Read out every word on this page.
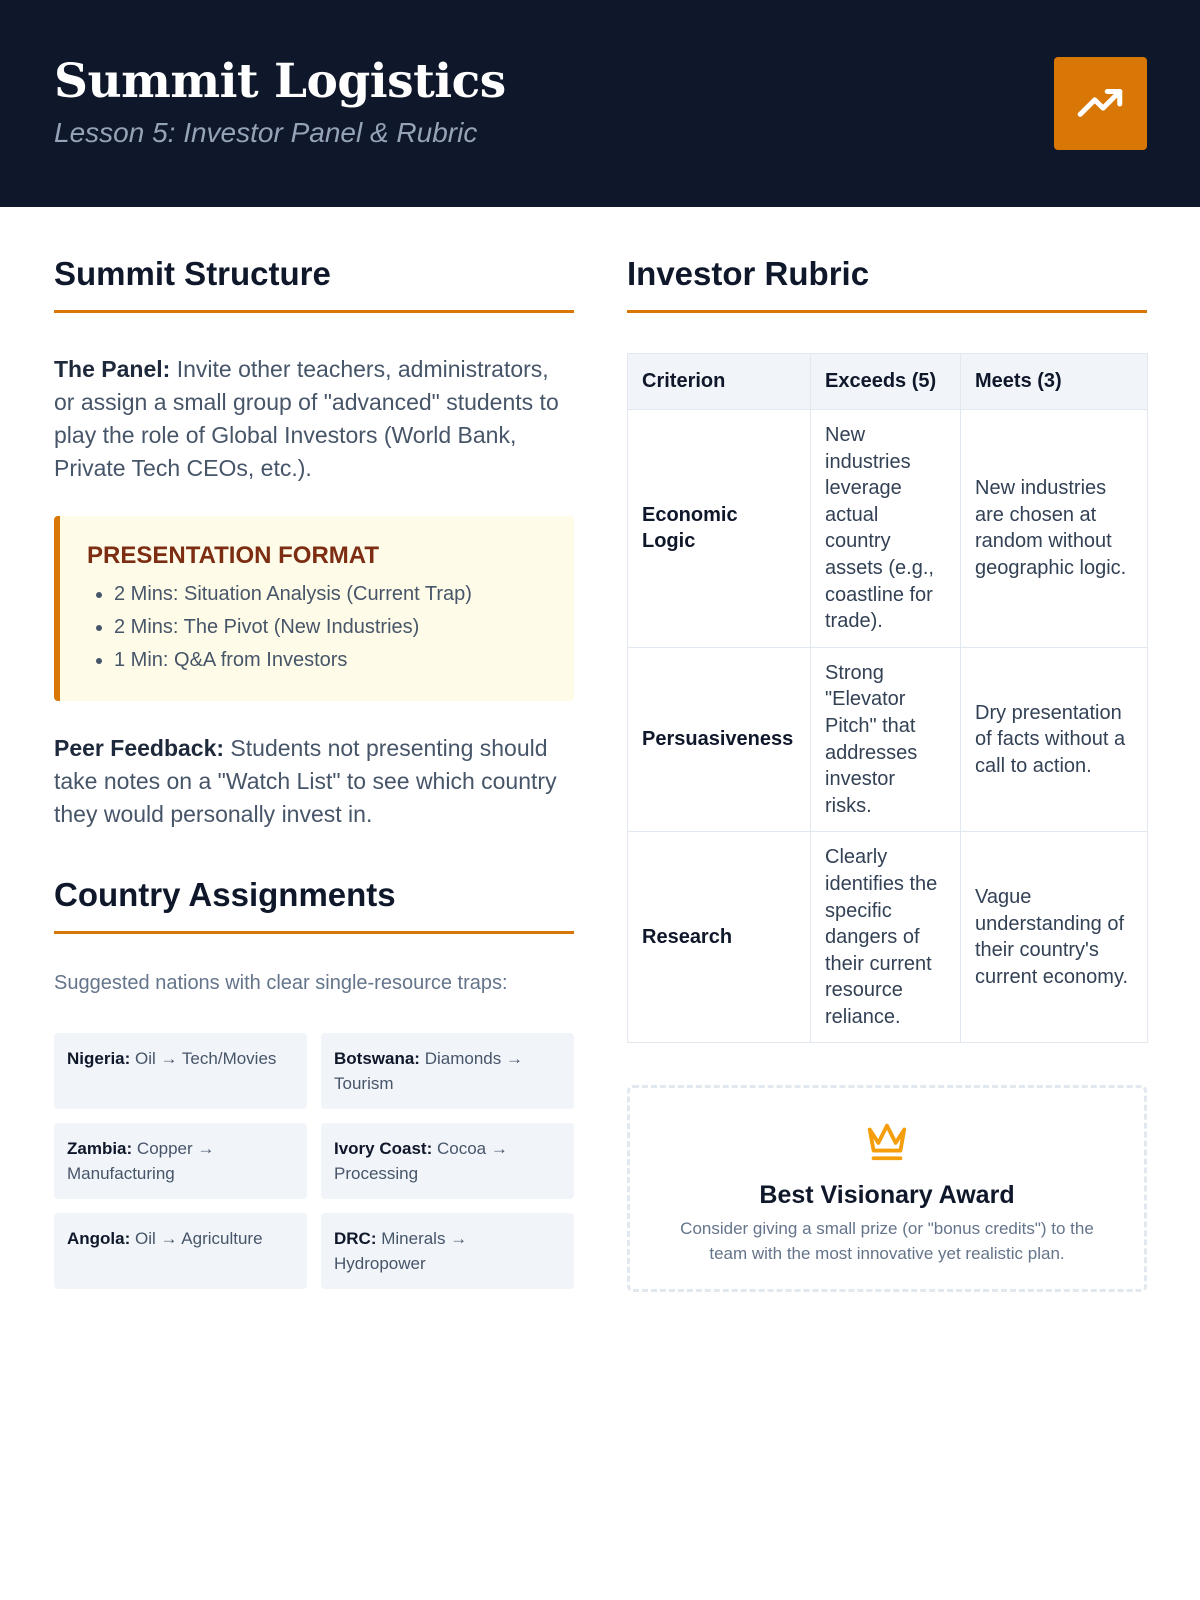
Summit Logistics
Lesson 5: Investor Panel & Rubric
Summit Structure

The Panel: Invite other teachers, administrators, or assign a small group of "advanced" students to play the role of Global Investors (World Bank, Private Tech CEOs, etc.).

PRESENTATION FORMAT
• 2 Mins: Situation Analysis (Current Trap)
• 2 Mins: The Pivot (New Industries)
• 1 Min: Q&A from Investors

Peer Feedback: Students not presenting should take notes on a "Watch List" to see which country they would personally invest in.

Country Assignments

Suggested nations with clear single-resource traps:

Nigeria: Oil → Tech/Movies	Botswana: Diamonds → Tourism
Zambia: Copper → Manufacturing
Ivory Coast: Cocoa → Processing
Angola: Oil → Agriculture	DRC: Minerals → Hydropower
Investor Rubric
Criterion	Exceeds (5)	Meets (3)
Economic Logic	New industries leverage actual country assets (e.g., coastline for trade).	New industries are chosen at random without geographic logic.
Persuasiveness	Strong "Elevator Pitch" that addresses investor risks.	Dry presentation of facts without a call to action.
Research	Clearly identifies the specific dangers of their current resource reliance.	Vague understanding of their country's current economy.
Best Visionary Award
Consider giving a small prize (or "bonus credits") to the team with the most innovative yet realistic plan.
